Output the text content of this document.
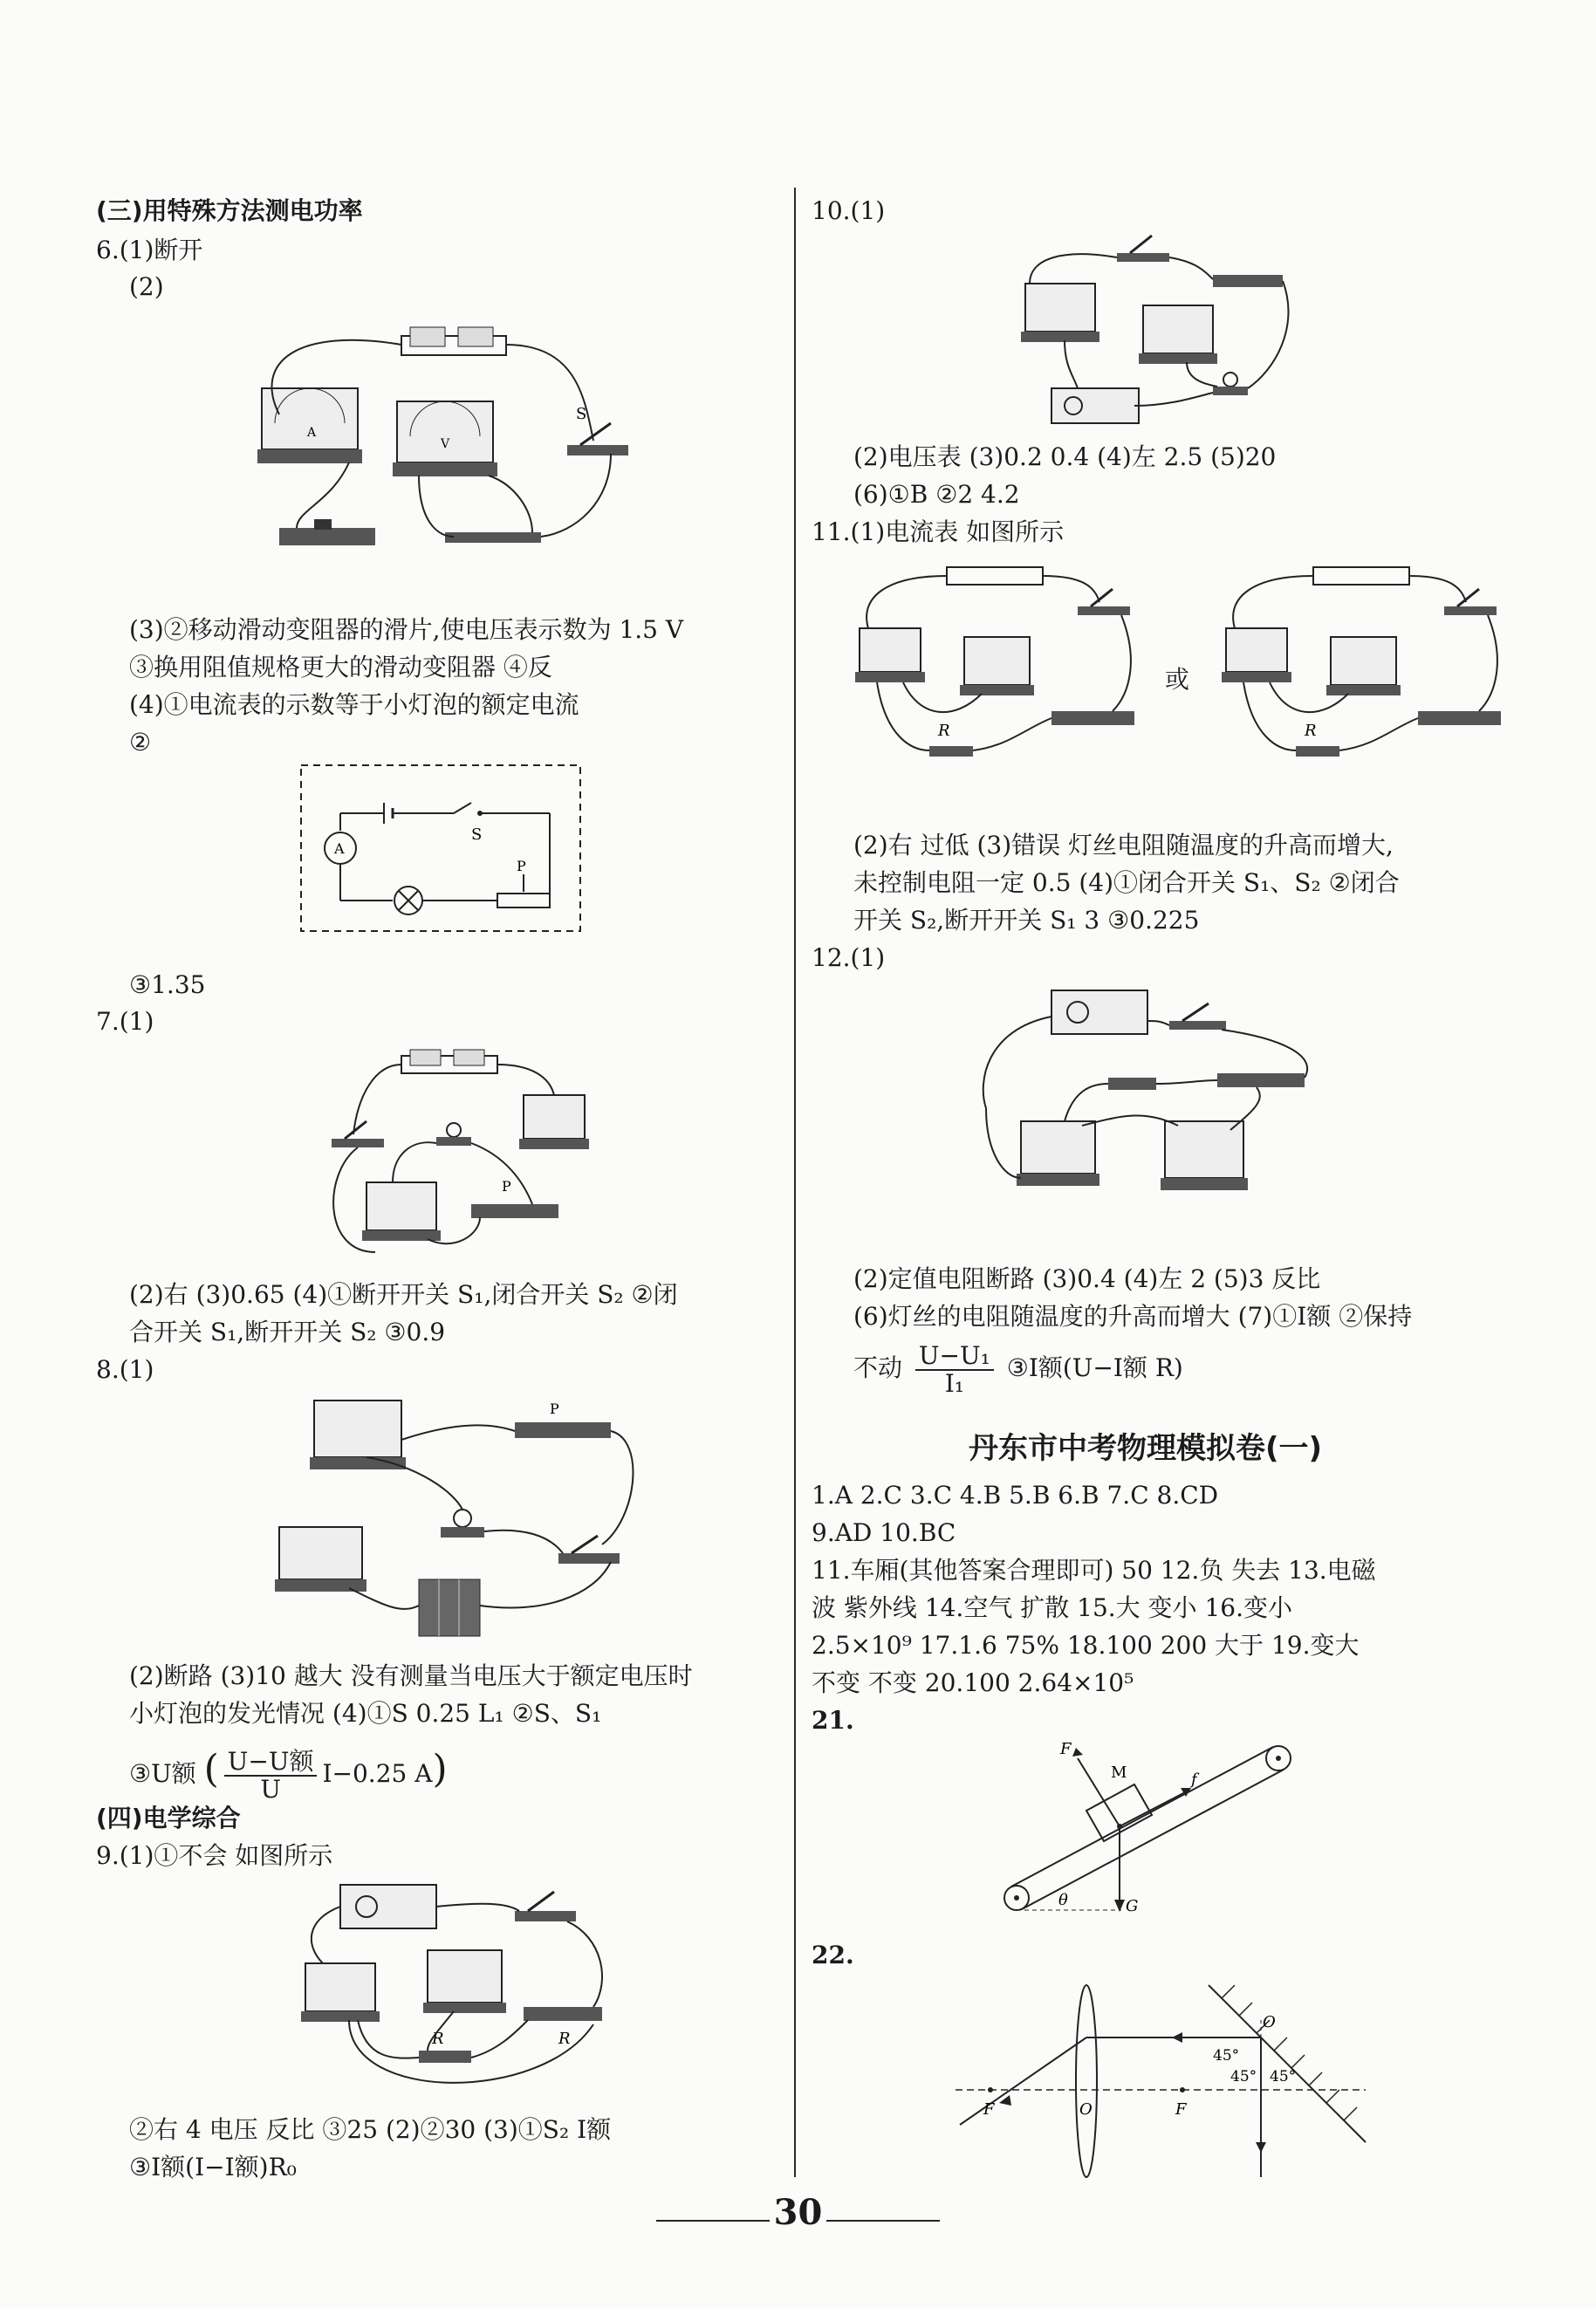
(三)用特殊方法测电功率
6.(1)断开
(2)
A
V
S
(3)②移动滑动变阻器的滑片,使电压表示数为 1.5 V
③换用阻值规格更大的滑动变阻器 ④反
(4)①电流表的示数等于小灯泡的额定电流
②
S
A
P
③1.35
7.(1)
P
(2)右 (3)0.65 (4)①断开开关 S₁,闭合开关 S₂ ②闭
合开关 S₁,断开开关 S₂ ③0.9
8.(1)
P
(2)断路 (3)10 越大 没有测量当电压大于额定电压时
小灯泡的发光情况 (4)①S 0.25 L₁ ②S、S₁
③U额 ( $\frac{\text{U−U额}}{U} I-0.25$ A)
(四)电学综合
9.(1)①不会 如图所示
R
R
②右 4 电压 反比 ③25 (2)②30 (3)①S₂ I额
③I额(I−I额)R₀
10.(1)
(2)电压表 (3)0.2 0.4 (4)左 2.5 (5)20
(6)①B ②2 4.2
11.(1)电流表 如图所示
R
或
R
(2)右 过低 (3)错误 灯丝电阻随温度的升高而增大,
未控制电阻一定 0.5 (4)①闭合开关 S₁、S₂ ②闭合
开关 S₂,断开开关 S₁ 3 ③0.225
12.(1)
(2)定值电阻断路 (3)0.4 (4)左 2 (5)3 反比
(6)灯丝的电阻随温度的升高而增大 (7)①I额 ②保持
不动 $\frac{\text{U−U₁}}{\text{I₁}}$ ③I额(U−I额 R)
丹东市中考物理模拟卷(一)
1.A 2.C 3.C 4.B 5.B 6.B 7.C 8.CD
9.AD 10.BC
11.车厢(其他答案合理即可) 50 12.负 失去 13.电磁
波 紫外线 14.空气 扩散 15.大 变小 16.变小
2.5×10⁹ 17.1.6 75% 18.100 200 大于 19.变大
不变 不变 20.100 2.64×10⁵
21.
θ
M
G
F
f
22.
O
45°
45° 45°
F	O	F
30
